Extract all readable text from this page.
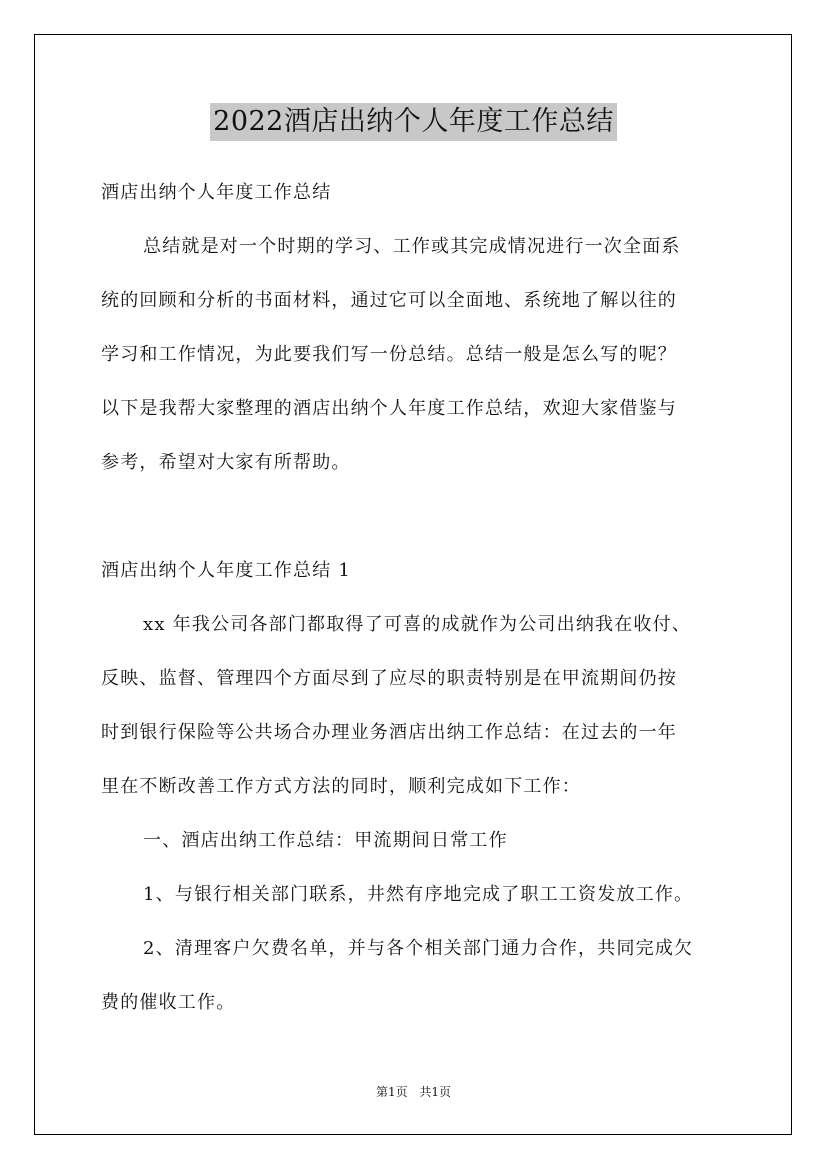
2022酒店出纳个人年度工作总结
酒店出纳个人年度工作总结
总结就是对一个时期的学习、工作或其完成情况进行一次全面系
统的回顾和分析的书面材料，通过它可以全面地、系统地了解以往的
学习和工作情况，为此要我们写一份总结。总结一般是怎么写的呢？
以下是我帮大家整理的酒店出纳个人年度工作总结，欢迎大家借鉴与
参考，希望对大家有所帮助。
酒店出纳个人年度工作总结 1
xx 年我公司各部门都取得了可喜的成就作为公司出纳我在收付、
反映、监督、管理四个方面尽到了应尽的职责特别是在甲流期间仍按
时到银行保险等公共场合办理业务酒店出纳工作总结：在过去的一年
里在不断改善工作方式方法的同时，顺利完成如下工作：
一、酒店出纳工作总结：甲流期间日常工作
1、与银行相关部门联系，井然有序地完成了职工工资发放工作。
2、清理客户欠费名单，并与各个相关部门通力合作，共同完成欠
费的催收工作。
第1页 共1页
